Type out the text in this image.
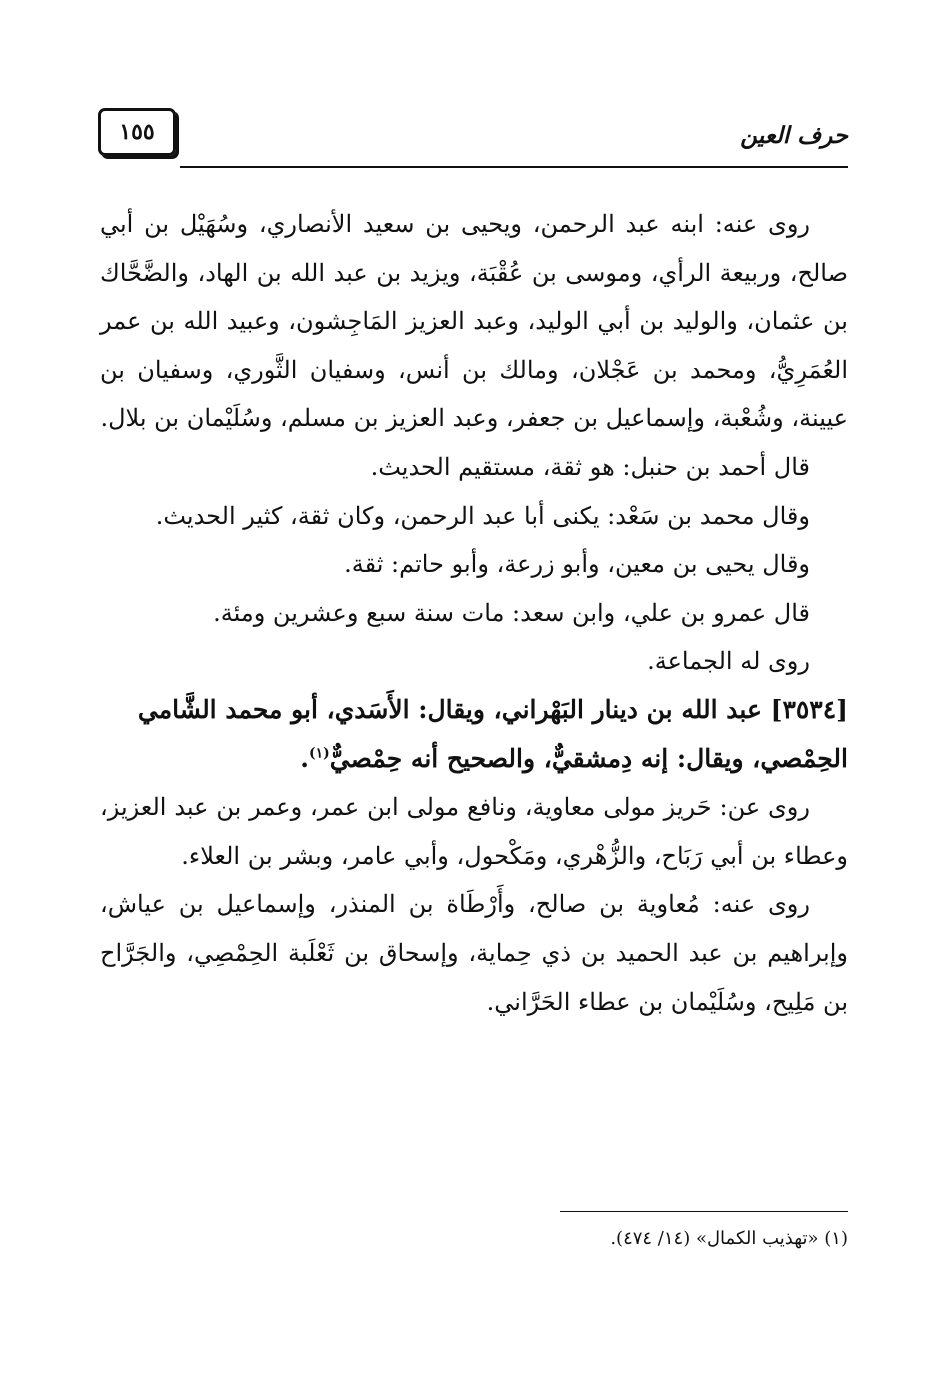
١٥٥	حرف العين

روى عنه: ابنه عبد الرحمن، ويحيى بن سعيد الأنصاري، وسُهَيْل بن أبي صالح، وربيعة الرأي، وموسى بن عُقْبَة، ويزيد بن عبد الله بن الهاد، والضَّحَّاك بن عثمان، والوليد بن أبي الوليد، وعبد العزيز المَاجِشون، وعبيد الله بن عمر العُمَرِيُّ، ومحمد بن عَجْلان، ومالك بن أنس، وسفيان الثَّوري، وسفيان بن عيينة، وشُعْبة، وإسماعيل بن جعفر، وعبد العزيز بن مسلم، وسُلَيْمان بن بلال.

قال أحمد بن حنبل: هو ثقة، مستقيم الحديث.

وقال محمد بن سَعْد: يكنى أبا عبد الرحمن، وكان ثقة، كثير الحديث.

وقال يحيى بن معين، وأبو زرعة، وأبو حاتم: ثقة.

قال عمرو بن علي، وابن سعد: مات سنة سبع وعشرين ومئة.

روى له الجماعة.

[٣٥٣٤] عبد الله بن دينار البَهْراني، ويقال: الأَسَدي، أبو محمد الشَّامي
الحِمْصي، ويقال: إنه دِمشقيٌّ، والصحيح أنه حِمْصيٌّ$^{(١)}$.

روى عن: حَريز مولى معاوية، ونافع مولى ابن عمر، وعمر بن عبد العزيز، وعطاء بن أبي رَبَاح، والزُّهْري، ومَكْحول، وأبي عامر، وبشر بن العلاء.

روى عنه: مُعاوية بن صالح، وأَرْطَاة بن المنذر، وإسماعيل بن عياش، وإبراهيم بن عبد الحميد بن ذي حِماية، وإسحاق بن ثَعْلَبة الحِمْصِي، والجَرَّاح بن مَلِيح، وسُلَيْمان بن عطاء الحَرَّاني.

(١) «تهذيب الكمال» (١٤/ ٤٧٤).
